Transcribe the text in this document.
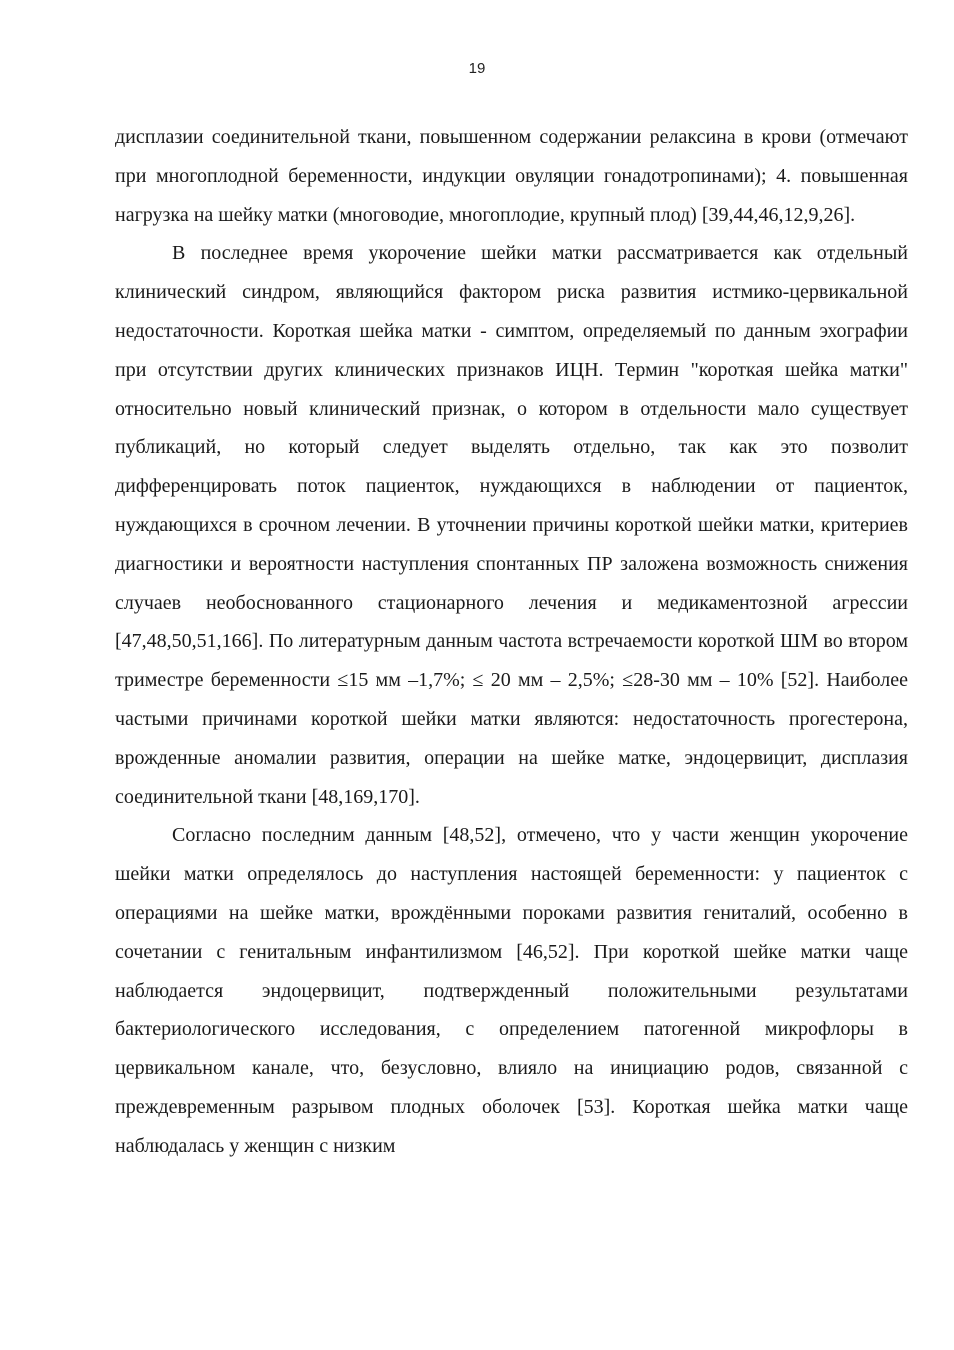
19

дисплазии соединительной ткани, повышенном содержании релаксина в крови (отмечают при многоплодной беременности, индукции овуляции гонадотропинами); 4. повышенная нагрузка на шейку матки (многоводие, многоплодие, крупный плод) [39,44,46,12,9,26].

В последнее время укорочение шейки матки рассматривается как отдельный клинический синдром, являющийся фактором риска развития истмико-цервикальной недостаточности. Короткая шейка матки - симптом, определяемый по данным эхографии при отсутствии других клинических признаков ИЦН. Термин "короткая шейка матки" относительно новый клинический признак, о котором в отдельности мало существует публикаций, но который следует выделять отдельно, так как это позволит дифференцировать поток пациенток, нуждающихся в наблюдении от пациенток, нуждающихся в срочном лечении. В уточнении причины короткой шейки матки, критериев диагностики и вероятности наступления спонтанных ПР заложена возможность снижения случаев необоснованного стационарного лечения и медикаментозной агрессии [47,48,50,51,166]. По литературным данным частота встречаемости короткой ШМ во втором триместре беременности ≤15 мм –1,7%; ≤ 20 мм – 2,5%; ≤28-30 мм – 10% [52]. Наиболее частыми причинами короткой шейки матки являются: недостаточность прогестерона, врожденные аномалии развития, операции на шейке матке, эндоцервицит, дисплазия соединительной ткани [48,169,170].

Согласно последним данным [48,52], отмечено, что у части женщин укорочение шейки матки определялось до наступления настоящей беременности: у пациенток с операциями на шейке матки, врождёнными пороками развития гениталий, особенно в сочетании с генитальным инфантилизмом [46,52]. При короткой шейке матки чаще наблюдается эндоцервицит, подтвержденный положительными результатами бактериологического исследования, с определением патогенной микрофлоры в цервикальном канале, что, безусловно, влияло на инициацию родов, связанной с преждевременным разрывом плодных оболочек [53]. Короткая шейка матки чаще наблюдалась у женщин с низким
